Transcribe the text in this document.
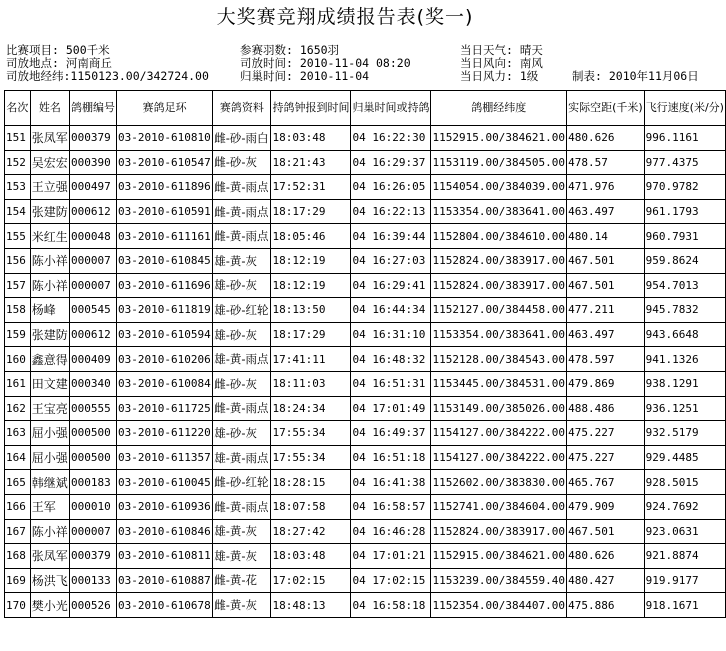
大奖赛竞翔成绩报告表(奖一)
比赛项目: 500千米	参赛羽数: 1650羽	当日天气: 晴天
司放地点: 河南商丘	司放时间: 2010-11-04 08:20	当日风向: 南风
司放地经纬:1150123.00/342724.00	归巢时间: 2010-11-04	当日风力: 1级	制表: 2010年11月06日
名次	姓名	鸽棚编号	赛鸽足环	赛鸽资料	持鸽钟报到时间	归巢时间或持鸽	鸽棚经纬度	实际空距(千米)	飞行速度(米/分)
151	张凤军	000379	03-2010-610810	雌-砂-雨白	18:03:48	04 16:22:30	1152915.00/384621.00	480.626	996.1161
152	吴宏宏	000390	03-2010-610547	雌-砂-灰	18:21:43	04 16:29:37	1153119.00/384505.00	478.57	977.4375
153	王立强	000497	03-2010-611896	雌-黄-雨点	17:52:31	04 16:26:05	1154054.00/384039.00	471.976	970.9782
154	张建防	000612	03-2010-610591	雌-黄-雨点	18:17:29	04 16:22:13	1153354.00/383641.00	463.497	961.1793
155	米红生	000048	03-2010-611161	雌-黄-雨点	18:05:46	04 16:39:44	1152804.00/384610.00	480.14	960.7931
156	陈小祥	000007	03-2010-610845	雄-黄-灰	18:12:19	04 16:27:03	1152824.00/383917.00	467.501	959.8624
157	陈小祥	000007	03-2010-611696	雄-砂-灰	18:12:19	04 16:29:41	1152824.00/383917.00	467.501	954.7013
158	杨峰	000545	03-2010-611819	雄-砂-红轮	18:13:50	04 16:44:34	1152127.00/384458.00	477.211	945.7832
159	张建防	000612	03-2010-610594	雄-砂-灰	18:17:29	04 16:31:10	1153354.00/383641.00	463.497	943.6648
160	鑫意得	000409	03-2010-610206	雄-黄-雨点	17:41:11	04 16:48:32	1152128.00/384543.00	478.597	941.1326
161	田文建	000340	03-2010-610084	雌-砂-灰	18:11:03	04 16:51:31	1153445.00/384531.00	479.869	938.1291
162	王宝亮	000555	03-2010-611725	雌-黄-雨点	18:24:34	04 17:01:49	1153149.00/385026.00	488.486	936.1251
163	屈小强	000500	03-2010-611220	雄-砂-灰	17:55:34	04 16:49:37	1154127.00/384222.00	475.227	932.5179
164	屈小强	000500	03-2010-611357	雄-黄-雨点	17:55:34	04 16:51:18	1154127.00/384222.00	475.227	929.4485
165	韩继斌	000183	03-2010-610045	雌-砂-红轮	18:28:15	04 16:41:38	1152602.00/383830.00	465.767	928.5015
166	王军	000010	03-2010-610936	雌-黄-雨点	18:07:58	04 16:58:57	1152741.00/384604.00	479.909	924.7692
167	陈小祥	000007	03-2010-610846	雄-黄-灰	18:27:42	04 16:46:28	1152824.00/383917.00	467.501	923.0631
168	张凤军	000379	03-2010-610811	雄-黄-灰	18:03:48	04 17:01:21	1152915.00/384621.00	480.626	921.8874
169	杨洪飞	000133	03-2010-610887	雌-黄-花	17:02:15	04 17:02:15	1153239.00/384559.40	480.427	919.9177
170	樊小光	000526	03-2010-610678	雌-黄-灰	18:48:13	04 16:58:18	1152354.00/384407.00	475.886	918.1671
